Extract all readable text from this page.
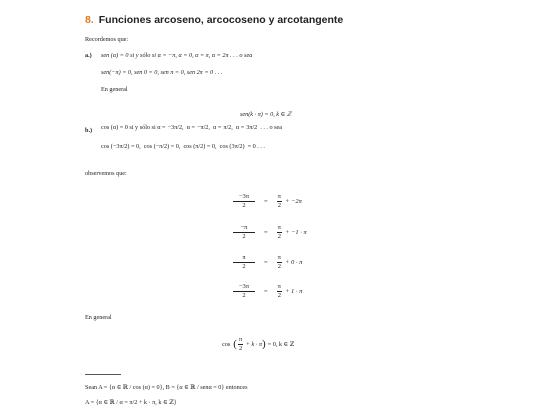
8. Funciones arcoseno, arcocoseno y arcotangente
Recordemos que:
a.) sen (α) = 0 si y sólo si α = −π, α = 0, α = π, α = 2π . . . o sea
sen(−π) = 0, sen 0 = 0, sen π = 0, sen 2π = 0 . . .
En general
sen(k · π) = 0, k ∈ ℤ
b.) cos (α) = 0 si y sólo si α = −3π/2 ,  α = −π/2 ,  α = π/2 ,  α = 3π/2 . . . o sea
cos ( −3π/2 ) = 0,  cos ( −π/2 ) = 0,  cos ( π/2 ) = 0,  cos ( 3π/2 ) = 0 . . .
observemos que:
$\frac{-3\pi}{2} = \frac{\pi}{2} + -2\pi$
$\frac{-\pi}{2} = \frac{\pi}{2} + -1 \cdot \pi$
$\frac{\pi}{2} = \frac{\pi}{2} + 0 \cdot \pi$
$\frac{-3\pi}{2} = \frac{\pi}{2} + 1 \cdot \pi$
En general
cos ( $\frac{\pi}{2} + k \cdot \pi$ ) = 0, k ∈ ℤ
Sean A = {α ∈ ℝ / cos (α) = 0}, B = {α ∈ ℝ / senα = 0} entonces
A = {α ∈ ℝ / α = π/2 + k · π, k ∈ ℤ}
